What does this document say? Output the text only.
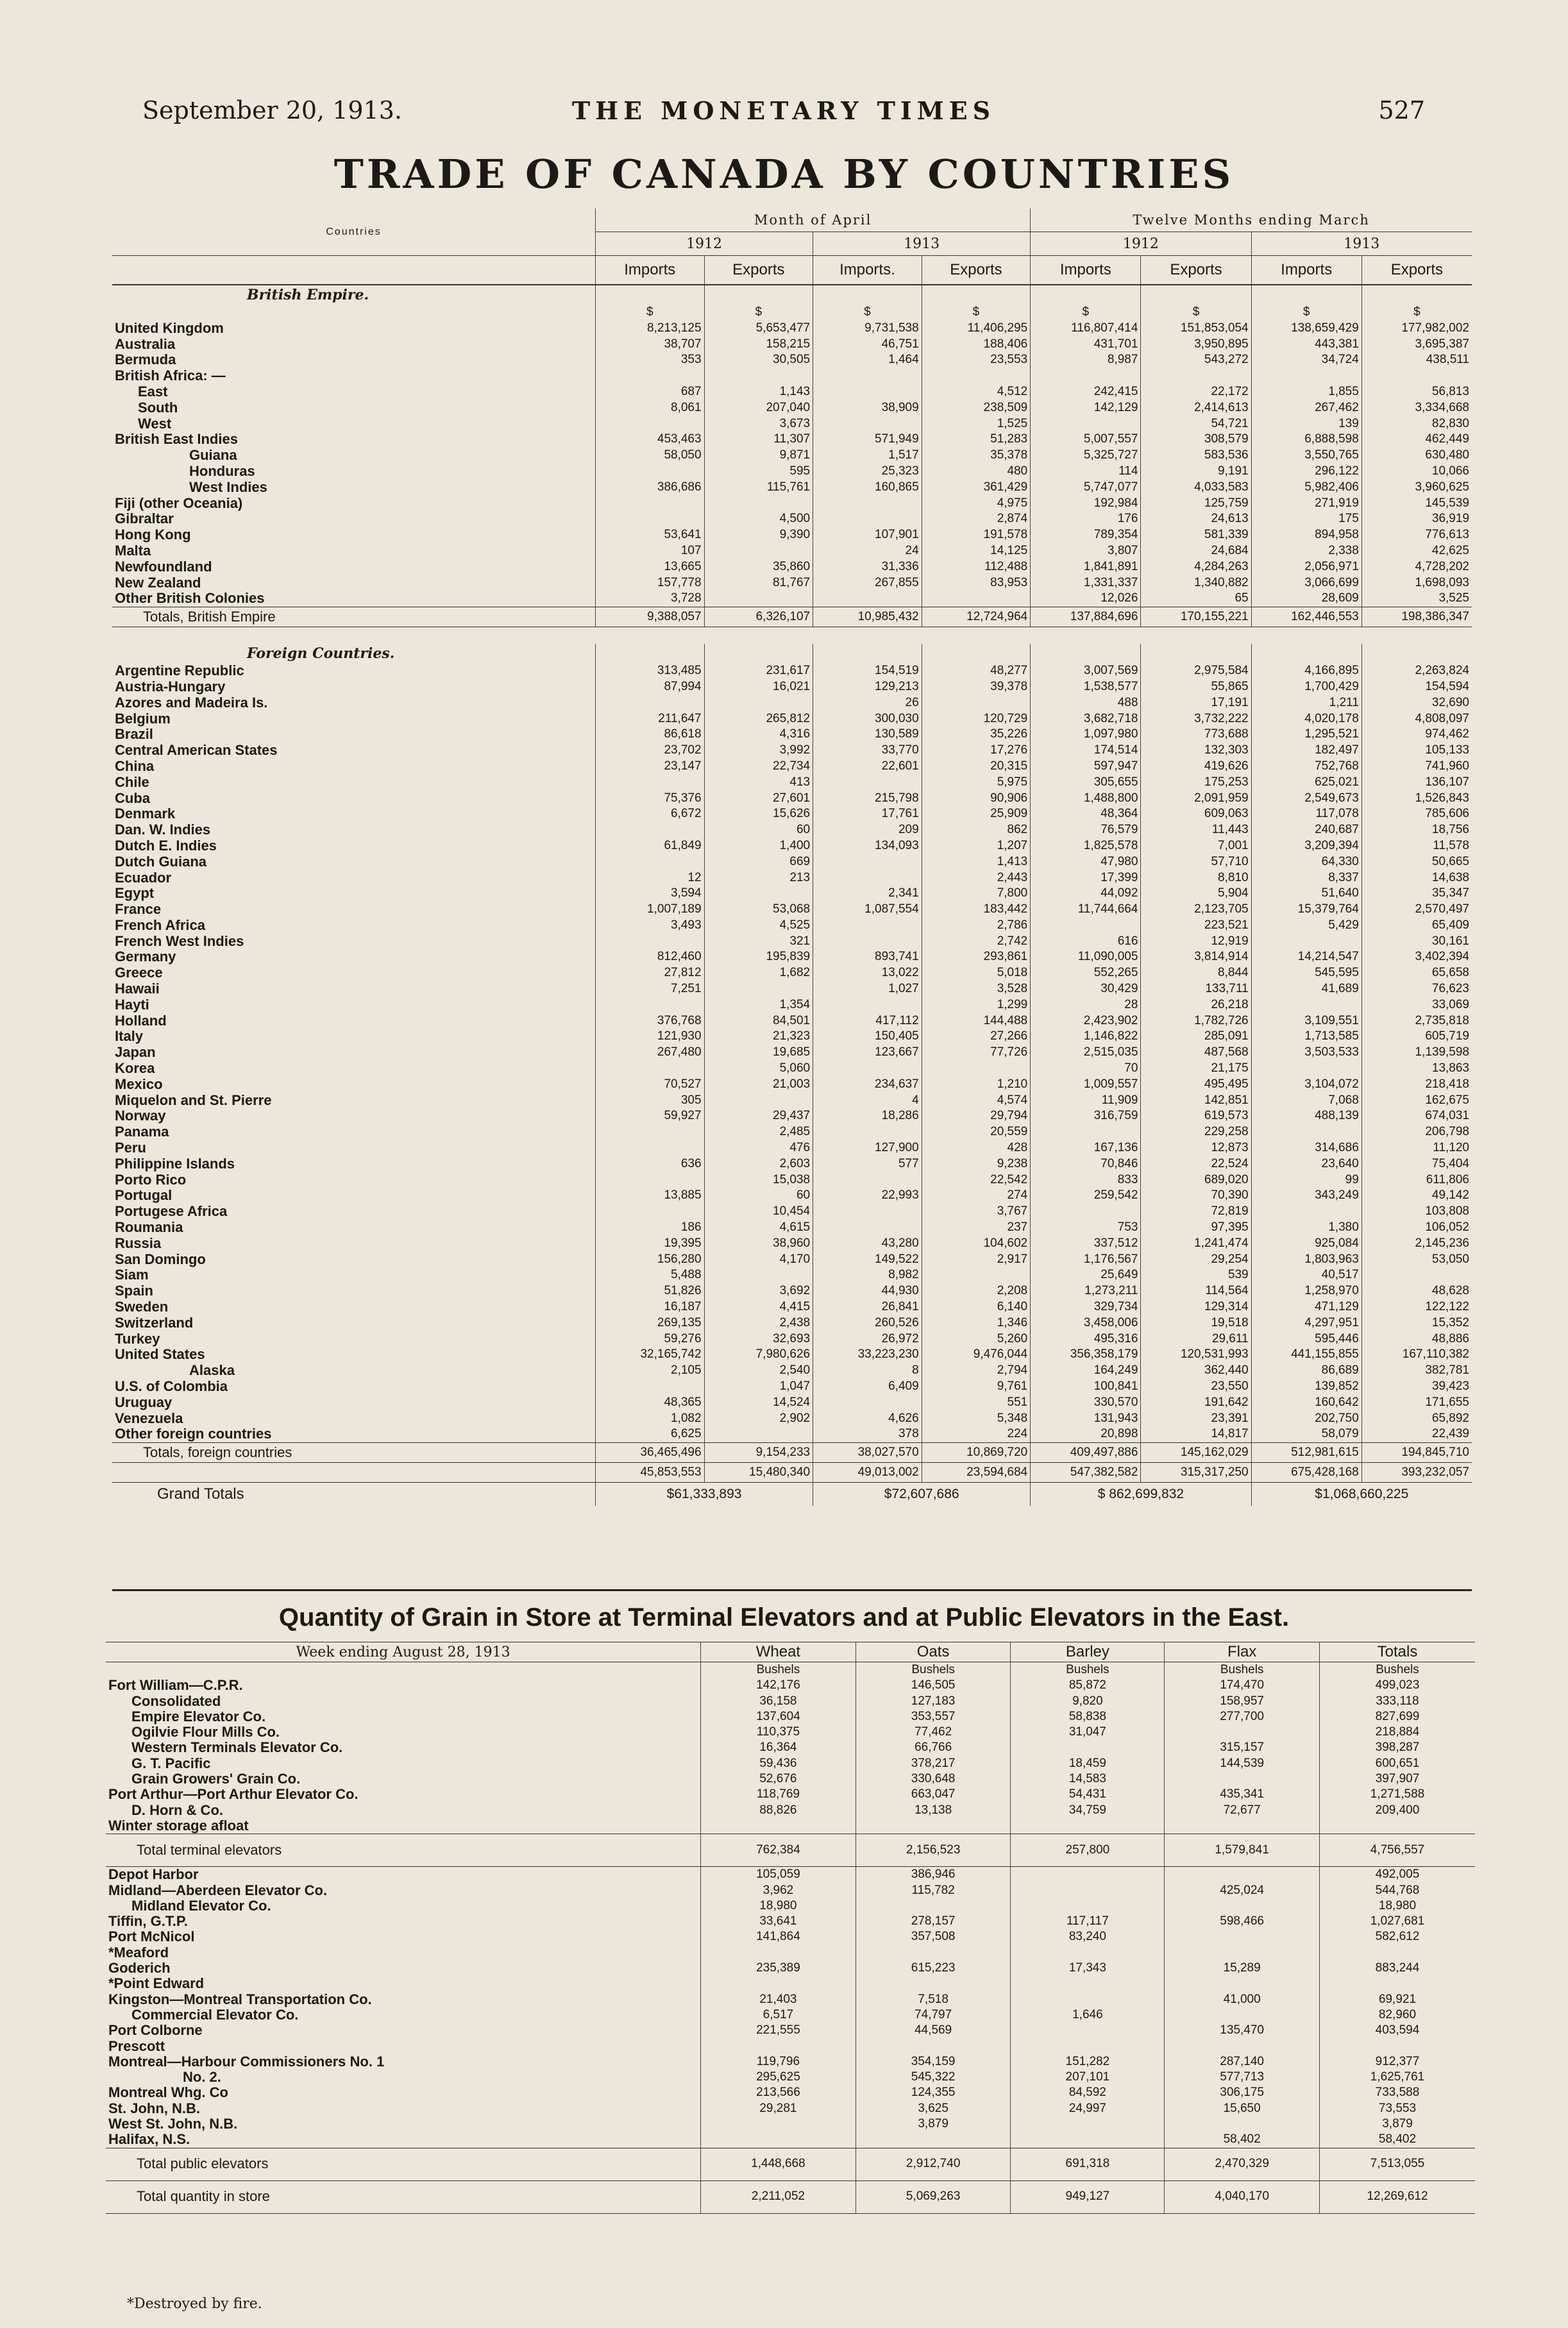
September 20, 1913.	THE MONETARY TIMES	527
TRADE OF CANADA BY COUNTRIES
Countries	Month of April				Twelve Months ending March			
	1912		1913		1912		1913	
	Imports	Exports	Imports.	Exports	Imports	Exports	Imports	Exports
British Empire.								
	$	$	$	$	$	$	$	$
United Kingdom	8,213,125	5,653,477	9,731,538	11,406,295	116,807,414	151,853,054	138,659,429	177,982,002
Australia	38,707	158,215	46,751	188,406	431,701	3,950,895	443,381	3,695,387
Bermuda	353	30,505	1,464	23,553	8,987	543,272	34,724	438,511
British Africa: —								
East	687	1,143		4,512	242,415	22,172	1,855	56,813
South	8,061	207,040	38,909	238,509	142,129	2,414,613	267,462	3,334,668
West		3,673		1,525		54,721	139	82,830
British East Indies	453,463	11,307	571,949	51,283	5,007,557	308,579	6,888,598	462,449
Guiana	58,050	9,871	1,517	35,378	5,325,727	583,536	3,550,765	630,480
Honduras		595	25,323	480	114	9,191	296,122	10,066
West Indies	386,686	115,761	160,865	361,429	5,747,077	4,033,583	5,982,406	3,960,625
Fiji (other Oceania)				4,975	192,984	125,759	271,919	145,539
Gibraltar		4,500		2,874	176	24,613	175	36,919
Hong Kong	53,641	9,390	107,901	191,578	789,354	581,339	894,958	776,613
Malta	107		24	14,125	3,807	24,684	2,338	42,625
Newfoundland	13,665	35,860	31,336	112,488	1,841,891	4,284,263	2,056,971	4,728,202
New Zealand	157,778	81,767	267,855	83,953	1,331,337	1,340,882	3,066,699	1,698,093
Other British Colonies	3,728				12,026	65	28,609	3,525
Totals, British Empire	9,388,057	6,326,107	10,985,432	12,724,964	137,884,696	170,155,221	162,446,553	198,386,347

Foreign Countries.								
Argentine Republic	313,485	231,617	154,519	48,277	3,007,569	2,975,584	4,166,895	2,263,824
Austria-Hungary	87,994	16,021	129,213	39,378	1,538,577	55,865	1,700,429	154,594
Azores and Madeira Is.			26		488	17,191	1,211	32,690
Belgium	211,647	265,812	300,030	120,729	3,682,718	3,732,222	4,020,178	4,808,097
Brazil	86,618	4,316	130,589	35,226	1,097,980	773,688	1,295,521	974,462
Central American States	23,702	3,992	33,770	17,276	174,514	132,303	182,497	105,133
China	23,147	22,734	22,601	20,315	597,947	419,626	752,768	741,960
Chile		413		5,975	305,655	175,253	625,021	136,107
Cuba	75,376	27,601	215,798	90,906	1,488,800	2,091,959	2,549,673	1,526,843
Denmark	6,672	15,626	17,761	25,909	48,364	609,063	117,078	785,606
Dan. W. Indies		60	209	862	76,579	11,443	240,687	18,756
Dutch E. Indies	61,849	1,400	134,093	1,207	1,825,578	7,001	3,209,394	11,578
Dutch Guiana		669		1,413	47,980	57,710	64,330	50,665
Ecuador	12	213		2,443	17,399	8,810	8,337	14,638
Egypt	3,594		2,341	7,800	44,092	5,904	51,640	35,347
France	1,007,189	53,068	1,087,554	183,442	11,744,664	2,123,705	15,379,764	2,570,497
French Africa	3,493	4,525		2,786		223,521	5,429	65,409
French West Indies		321		2,742	616	12,919		30,161
Germany	812,460	195,839	893,741	293,861	11,090,005	3,814,914	14,214,547	3,402,394
Greece	27,812	1,682	13,022	5,018	552,265	8,844	545,595	65,658
Hawaii	7,251		1,027	3,528	30,429	133,711	41,689	76,623
Hayti		1,354		1,299	28	26,218		33,069
Holland	376,768	84,501	417,112	144,488	2,423,902	1,782,726	3,109,551	2,735,818
Italy	121,930	21,323	150,405	27,266	1,146,822	285,091	1,713,585	605,719
Japan	267,480	19,685	123,667	77,726	2,515,035	487,568	3,503,533	1,139,598
Korea		5,060			70	21,175		13,863
Mexico	70,527	21,003	234,637	1,210	1,009,557	495,495	3,104,072	218,418
Miquelon and St. Pierre	305		4	4,574	11,909	142,851	7,068	162,675
Norway	59,927	29,437	18,286	29,794	316,759	619,573	488,139	674,031
Panama		2,485		20,559		229,258		206,798
Peru		476	127,900	428	167,136	12,873	314,686	11,120
Philippine Islands	636	2,603	577	9,238	70,846	22,524	23,640	75,404
Porto Rico		15,038		22,542	833	689,020	99	611,806
Portugal	13,885	60	22,993	274	259,542	70,390	343,249	49,142
Portugese Africa		10,454		3,767		72,819		103,808
Roumania	186	4,615		237	753	97,395	1,380	106,052
Russia	19,395	38,960	43,280	104,602	337,512	1,241,474	925,084	2,145,236
San Domingo	156,280	4,170	149,522	2,917	1,176,567	29,254	1,803,963	53,050
Siam	5,488		8,982		25,649	539	40,517	
Spain	51,826	3,692	44,930	2,208	1,273,211	114,564	1,258,970	48,628
Sweden	16,187	4,415	26,841	6,140	329,734	129,314	471,129	122,122
Switzerland	269,135	2,438	260,526	1,346	3,458,006	19,518	4,297,951	15,352
Turkey	59,276	32,693	26,972	5,260	495,316	29,611	595,446	48,886
United States	32,165,742	7,980,626	33,223,230	9,476,044	356,358,179	120,531,993	441,155,855	167,110,382
Alaska	2,105	2,540	8	2,794	164,249	362,440	86,689	382,781
U.S. of Colombia		1,047	6,409	9,761	100,841	23,550	139,852	39,423
Uruguay	48,365	14,524		551	330,570	191,642	160,642	171,655
Venezuela	1,082	2,902	4,626	5,348	131,943	23,391	202,750	65,892
Other foreign countries	6,625		378	224	20,898	14,817	58,079	22,439
Totals, foreign countries	36,465,496	9,154,233	38,027,570	10,869,720	409,497,886	145,162,029	512,981,615	194,845,710
	45,853,553	15,480,340	49,013,002	23,594,684	547,382,582	315,317,250	675,428,168	393,232,057
Grand Totals	$61,333,893		$72,607,686		$ 862,699,832		$1,068,660,225	
Quantity of Grain in Store at Terminal Elevators and at Public Elevators in the East.
Week ending August 28, 1913	Wheat	Oats	Barley	Flax	Totals
	Bushels	Bushels	Bushels	Bushels	Bushels
Fort William—C.P.R.	142,176	146,505	85,872	174,470	499,023
Consolidated	36,158	127,183	9,820	158,957	333,118
Empire Elevator Co.	137,604	353,557	58,838	277,700	827,699
Ogilvie Flour Mills Co.	110,375	77,462	31,047		218,884
Western Terminals Elevator Co.	16,364	66,766		315,157	398,287
G. T. Pacific	59,436	378,217	18,459	144,539	600,651
Grain Growers' Grain Co.	52,676	330,648	14,583		397,907
Port Arthur—Port Arthur Elevator Co.	118,769	663,047	54,431	435,341	1,271,588
D. Horn & Co.	88,826	13,138	34,759	72,677	209,400
Winter storage afloat					
Total terminal elevators	762,384	2,156,523	257,800	1,579,841	4,756,557
Depot Harbor	105,059	386,946			492,005
Midland—Aberdeen Elevator Co.	3,962	115,782		425,024	544,768
Midland Elevator Co.	18,980				18,980
Tiffin, G.T.P.	33,641	278,157	117,117	598,466	1,027,681
Port McNicol	141,864	357,508	83,240		582,612
*Meaford					
Goderich	235,389	615,223	17,343	15,289	883,244
*Point Edward					
Kingston—Montreal Transportation Co.	21,403	7,518		41,000	69,921
Commercial Elevator Co.	6,517	74,797	1,646		82,960
Port Colborne	221,555	44,569		135,470	403,594
Prescott					
Montreal—Harbour Commissioners No. 1	119,796	354,159	151,282	287,140	912,377
No. 2.	295,625	545,322	207,101	577,713	1,625,761
Montreal Whg. Co	213,566	124,355	84,592	306,175	733,588
St. John, N.B.	29,281	3,625	24,997	15,650	73,553
West St. John, N.B.		3,879			3,879
Halifax, N.S.				58,402	58,402
Total public elevators	1,448,668	2,912,740	691,318	2,470,329	7,513,055
Total quantity in store	2,211,052	5,069,263	949,127	4,040,170	12,269,612
*Destroyed by fire.
